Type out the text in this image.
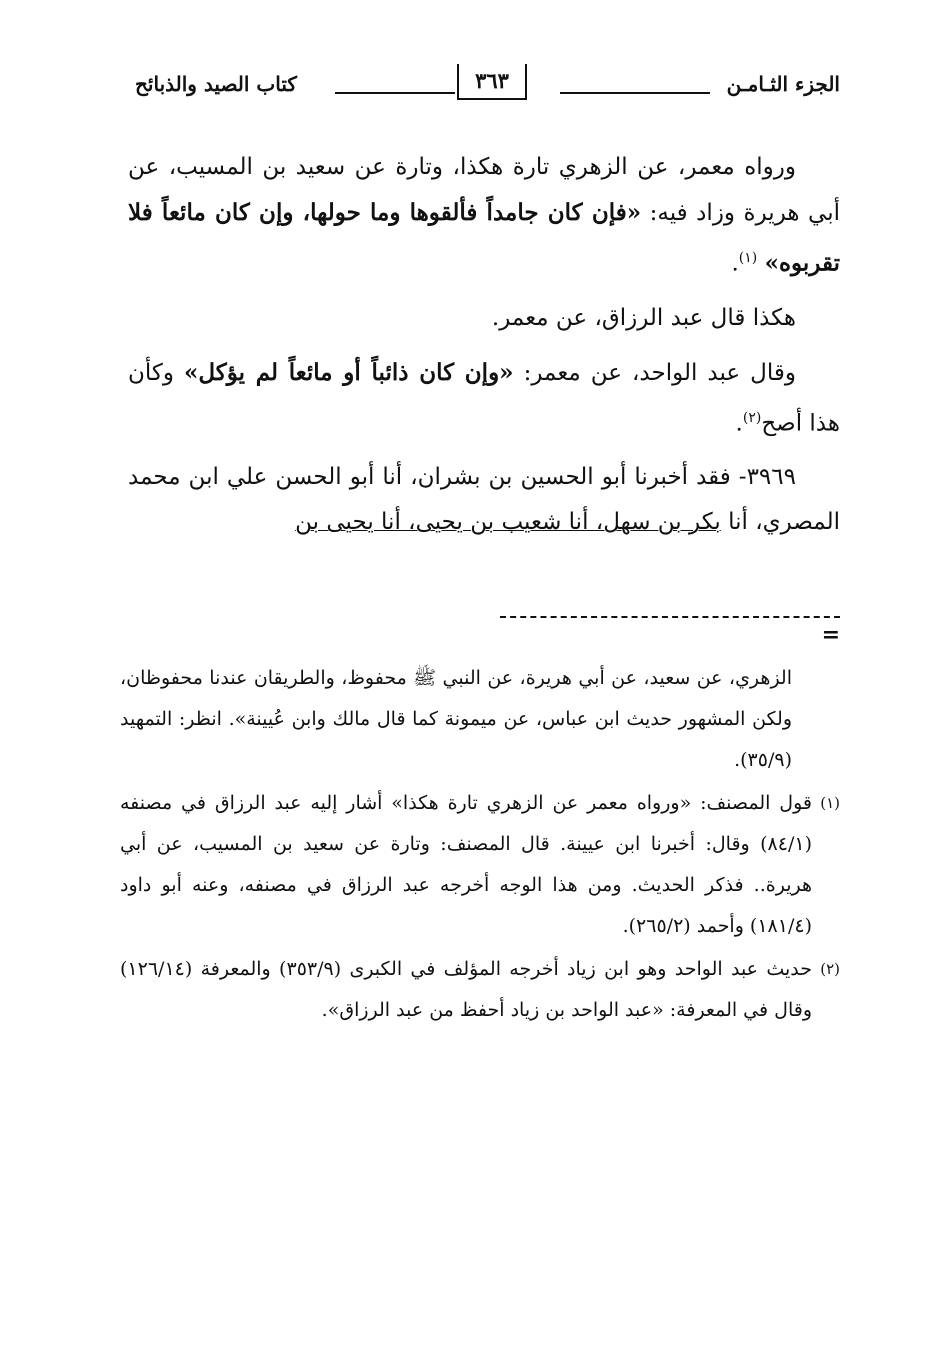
الجزء الثـامـن
٣٦٣
كتاب الصيد والذبائح

ورواه معمر، عن الزهري تارة هكذا، وتارة عن سعيد بن المسيب، عن أبي هريرة وزاد فيه: «فإن كان جامداً فألقوها وما حولها، وإن كان مائعاً فلا تقربوه» $^{(١)}$.

هكذا قال عبد الرزاق، عن معمر.

وقال عبد الواحد، عن معمر: «وإن كان ذائباً أو مائعاً لم يؤكل» وكأن هذا أصح$^{(٢)}$.

٣٩٦٩- فقد أخبرنا أبو الحسين بن بشران، أنا أبو الحسن علي ابن محمد المصري، أنا بكر بن سهل، أنا شعيب بن يحيى، أنا يحيى بن

=

الزهري، عن سعيد، عن أبي هريرة، عن النبي ﷺ محفوظ، والطريقان عندنا محفوظان، ولكن المشهور حديث ابن عباس، عن ميمونة كما قال مالك وابن عُيينة». انظر: التمهيد (٣٥/٩).

(١)
قول المصنف: «ورواه معمر عن الزهري تارة هكذا» أشار إليه عبد الرزاق في مصنفه (٨٤/١) وقال: أخبرنا ابن عيينة. قال المصنف: وتارة عن سعيد بن المسيب، عن أبي هريرة.. فذكر الحديث. ومن هذا الوجه أخرجه عبد الرزاق في مصنفه، وعنه أبو داود (١٨١/٤) وأحمد (٢٦٥/٢).

(٢)
حديث عبد الواحد وهو ابن زياد أخرجه المؤلف في الكبرى (٣٥٣/٩) والمعرفة (١٢٦/١٤) وقال في المعرفة: «عبد الواحد بن زياد أحفظ من عبد الرزاق».
